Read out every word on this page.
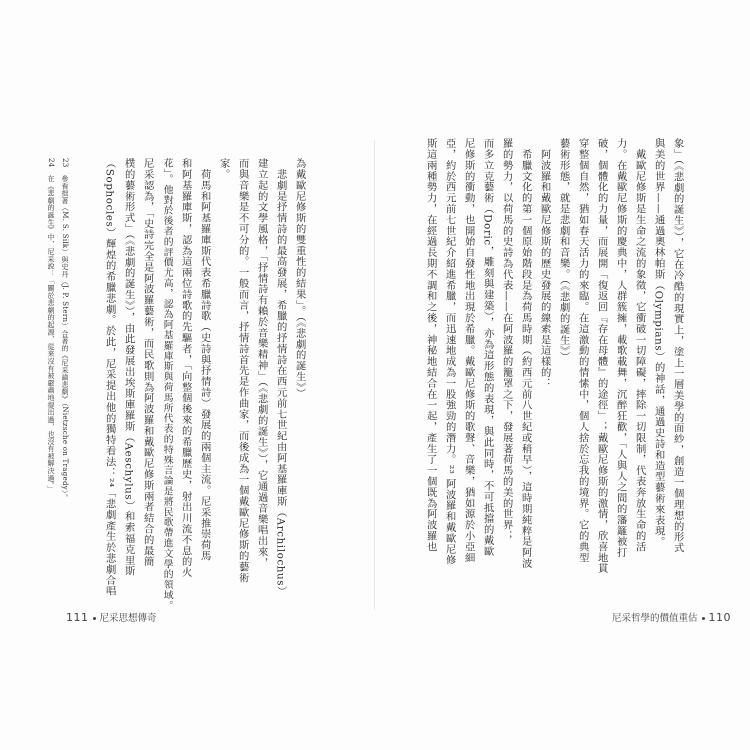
象」（《悲劇的誕生》），它在冷酷的現實上，塗上一層美學的面紗，創造一個理想的形式
與美的世界——通過奧林帕斯（Olympians）的神話，通過史詩和造型藝術來表現。
　戴歐尼修斯是生命之流的象徵，它衝破一切障礙，摔除一切限制，代表奔放生命的活
力。在戴歐尼修斯的慶典中，人群簇擁，載歌載舞，沉醉狂歡，「人與人之間的籓籬被打
破，個體化的力量，而展開「復返回『存在母體』的途徑」；戴歐尼修斯的激情，欣喜地貫
穿整個自然，猶如春天活力的來臨。在這激動的情愫中，個人捨於忘我的境界。它的典型
藝術形態，就是悲劇和音樂。（《悲劇的誕生》）
　阿波羅和戴歐尼修斯的歷史發展的線索是這樣的：
　希臘文化的第一個原始階段是為荷馬時期（約西元前八世紀或稍早），這時期純粹是阿波
羅的勢力，以荷馬的史詩為代表——在阿波羅的籠罩之下，發展著荷馬的美的世界；
而多立克藝術（Doric，雕刻與建築），亦為這形態的表現，與此同時，不可抵擋的戴歐
尼修斯的衝動，也開始自發性地出現於希臘。戴歐尼修斯的歌聲、音樂，猶如源於小亞細
亞，約於西元前七世紀介紹進希臘，而迅速地成為一股強勁的潛力。²³ 阿波羅和戴歐尼修
斯這兩種勢力，在經過長期不調和之後，神秘地結合在一起，產生了一個既為阿波羅也
尼采哲學的價值重估 110
為戴歐尼修斯的雙重性的結果」。（《悲劇的誕生》）
　悲劇是抒情詩的最高發展，希臘的抒情詩在西元前七世紀由阿基羅庫斯（Archilochus）
建立起的文學風格，「抒情詩有賴於音樂精神」（《悲劇的誕生》），它通過音樂唱出來，
而與音樂是不可分的。一般而言，抒情詩首先是作曲家，而後成為一個戴歐尼修斯的藝術
家。
　荷馬和阿基羅庫斯代表希臘詩歌（史詩與抒情詩）發展的兩個主流。尼采推崇荷馬
和阿基羅庫斯，認為這兩位詩歌的先驅者，「向整個後來的希臘歷史，射出川流不息的火
花」。他對於後者的評價尤高，認為阿基羅庫斯與荷馬所代表的特殊言論是將民歌帶進文學的領域。
尼采認為，「史詩完全是阿波羅藝術，而民歌則為阿波羅和戴歐尼修斯兩者結合的最簡
樸的藝術形式」（《悲劇的誕生》），由此發展出埃斯庫羅斯（Aeschylus）和索福克里斯
（Sophocles）輝煌的希臘悲劇。於此，尼采提出他的獨特看法：²⁴「悲劇產生於悲劇合唱
23　參看拙著（M. S. Silk）與史丹（J. P. Stern）合著的《尼采論悲劇》（Nietzsche on Tragedy）。
24　在《悲劇的誕生》中，尼采說：「關於悲劇的起源，從來沒有被嚴肅地提出過，也沒有被解決過。」
111 尼采思想傳奇
